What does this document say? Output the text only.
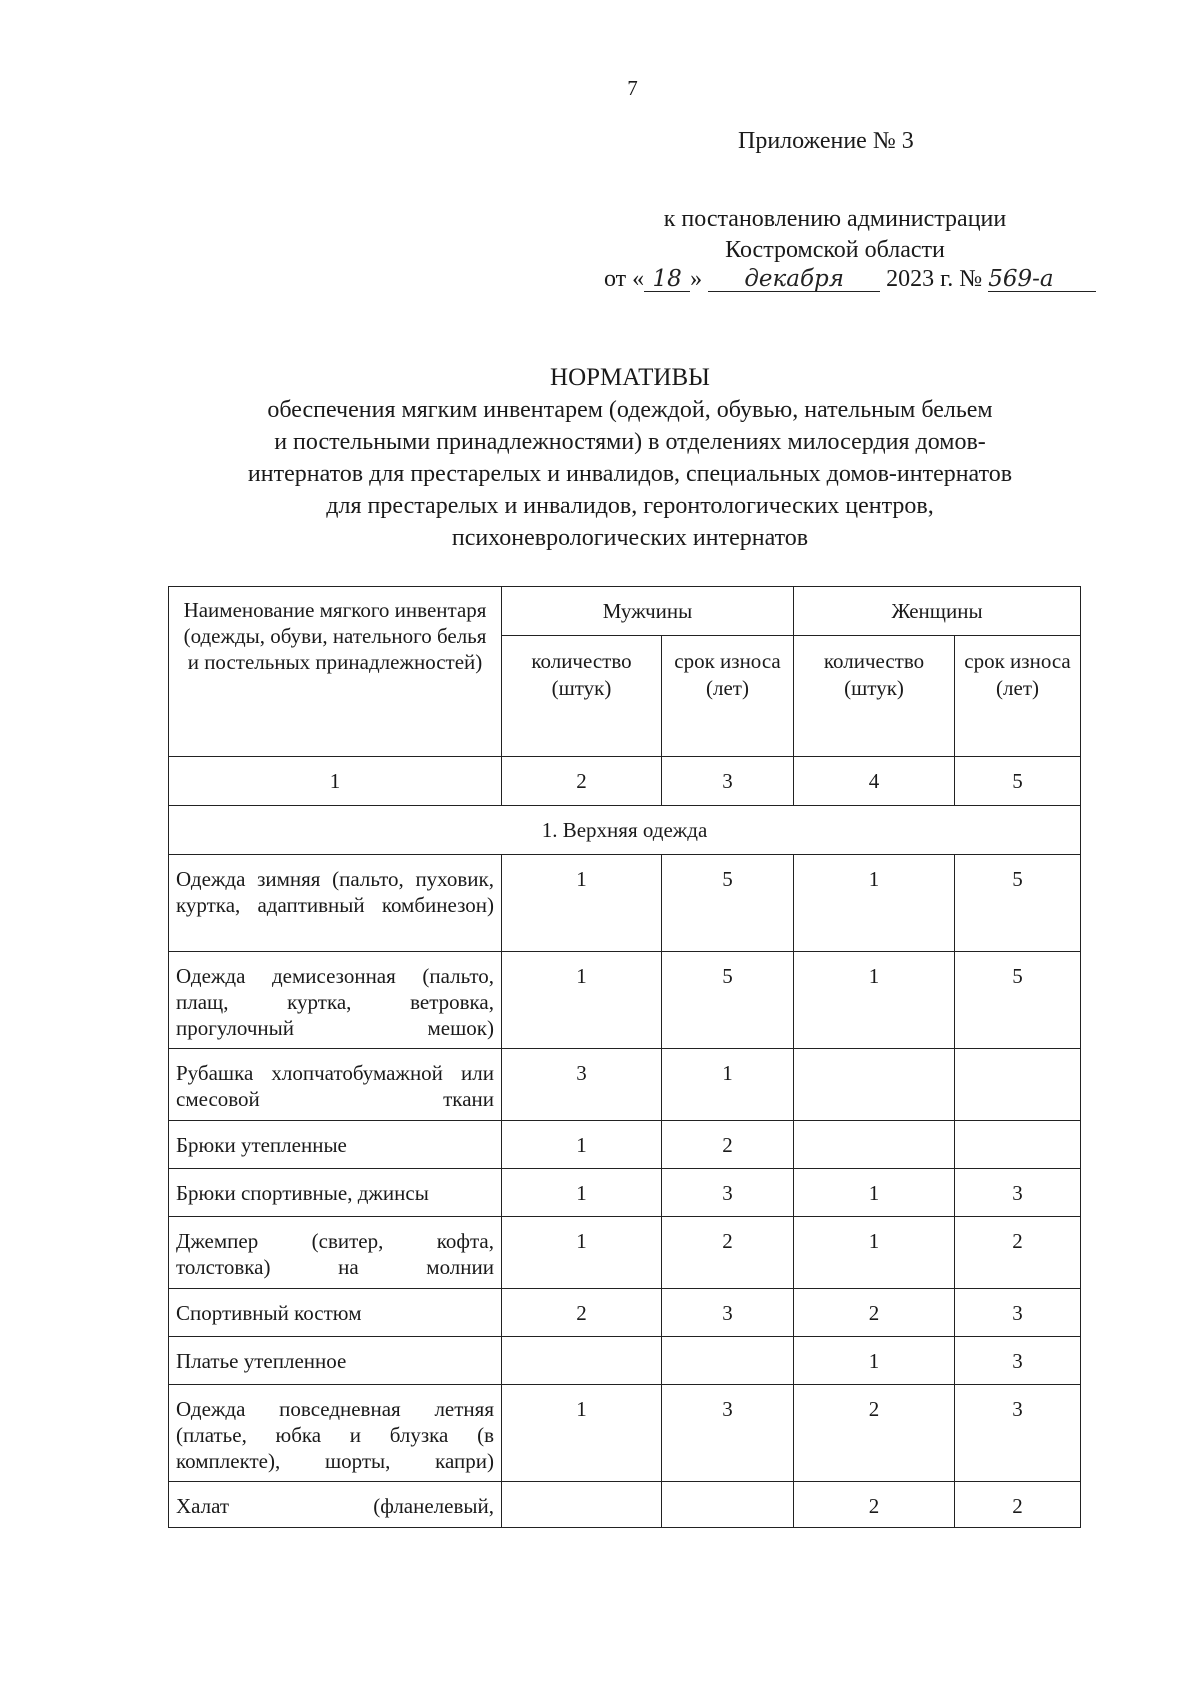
7
Приложение № 3
к постановлению администрации
Костромской области
от « 18 » декабря 2023 г. № 569-а
НОРМАТИВЫ
обеспечения мягким инвентарем (одеждой, обувью, нательным бельем
и постельными принадлежностями) в отделениях милосердия домов-
интернатов для престарелых и инвалидов, специальных домов-интернатов
для престарелых и инвалидов, геронтологических центров,
психоневрологических интернатов
Наименование мягкого инвентаря (одежды, обуви, нательного белья и постельных принадлежностей)	Мужчины		Женщины	
	количество (штук)	срок износа (лет)	количество (штук)	срок износа (лет)
1	2	3	4	5
1. Верхняя одежда				
Одежда зимняя (пальто, пуховик, куртка, адаптивный комбинезон)	1	5	1	5
Одежда демисезонная (пальто, плащ, куртка, ветровка, прогулочный мешок)	1	5	1	5
Рубашка хлопчатобумажной или смесовой ткани	3	1		
Брюки утепленные	1	2		
Брюки спортивные, джинсы	1	3	1	3
Джемпер (свитер, кофта, толстовка) на молнии	1	2	1	2
Спортивный костюм	2	3	2	3
Платье утепленное			1	3
Одежда повседневная летняя (платье, юбка и блузка (в комплекте), шорты, капри)	1	3	2	3
Халат (фланелевый,			2	2
